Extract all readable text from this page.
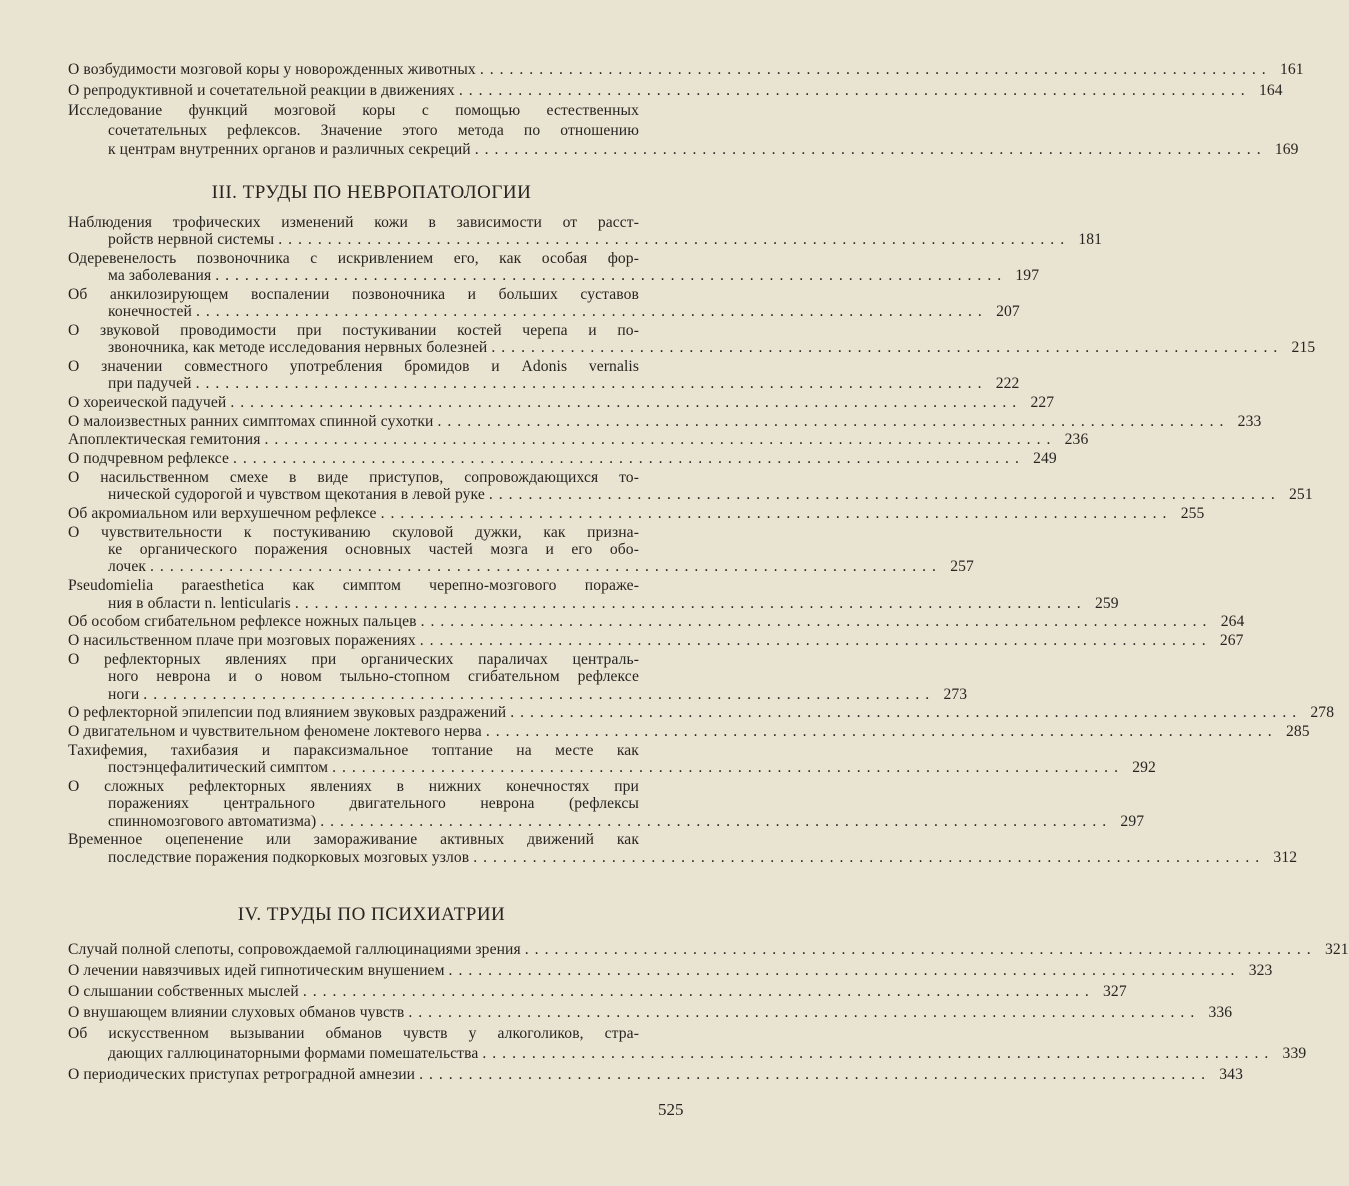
О возбудимости мозговой коры у новорожденных животных ................................................................................ 161
О репродуктивной и сочетательной реакции в движениях ................................................................................ 164
Исследование функций мозговой коры с помощью естественных
сочетательных рефлексов. Значение этого метода по отношению
к центрам внутренних органов и различных секреций ................................................................................ 169
III. ТРУДЫ ПО НЕВРОПАТОЛОГИИ
Наблюдения трофических изменений кожи в зависимости от расст-
ройств нервной системы ................................................................................ 181
Одеревенелость позвоночника с искривлением его, как особая фор-
ма заболевания ................................................................................ 197
Об анкилозирующем воспалении позвоночника и больших суставов
конечностей ................................................................................ 207
О звуковой проводимости при постукивании костей черепа и по-
звоночника, как методе исследования нервных болезней ................................................................................ 215
О значении совместного употребления бромидов и Adonis vernalis
при падучей ................................................................................ 222
О хореической падучей ................................................................................ 227
О малоизвестных ранних симптомах спинной сухотки ................................................................................ 233
Апоплектическая гемитония ................................................................................ 236
О подчревном рефлексе ................................................................................ 249
О насильственном смехе в виде приступов, сопровождающихся то-
нической судорогой и чувством щекотания в левой руке ................................................................................ 251
Об акромиальном или верхушечном рефлексе ................................................................................ 255
О чувствительности к постукиванию скуловой дужки, как призна-
ке органического поражения основных частей мозга и его обо-
лочек ................................................................................ 257
Pseudomielia paraesthetica как симптом черепно-мозгового пораже-
ния в области n. lenticularis ................................................................................ 259
Об особом сгибательном рефлексе ножных пальцев ................................................................................ 264
О насильственном плаче при мозговых поражениях ................................................................................ 267
О рефлекторных явлениях при органических параличах централь-
ного неврона и о новом тыльно-стопном сгибательном рефлексе
ноги ................................................................................ 273
О рефлекторной эпилепсии под влиянием звуковых раздражений ................................................................................ 278
О двигательном и чувствительном феномене локтевого нерва ................................................................................ 285
Тахифемия, тахибазия и параксизмальное топтание на месте как
постэнцефалитический симптом ................................................................................ 292
О сложных рефлекторных явлениях в нижних конечностях при
поражениях центрального двигательного неврона (рефлексы
спинномозгового автоматизма) ................................................................................ 297
Временное оцепенение или замораживание активных движений как
последствие поражения подкорковых мозговых узлов ................................................................................ 312
IV. ТРУДЫ ПО ПСИХИАТРИИ
Случай полной слепоты, сопровождаемой галлюцинациями зрения ................................................................................ 321
О лечении навязчивых идей гипнотическим внушением ................................................................................ 323
О слышании собственных мыслей ................................................................................ 327
О внушающем влиянии слуховых обманов чувств ................................................................................ 336
Об искусственном вызывании обманов чувств у алкоголиков, стра-
дающих галлюцинаторными формами помешательства ................................................................................ 339
О периодических приступах ретроградной амнезии ................................................................................ 343
525
